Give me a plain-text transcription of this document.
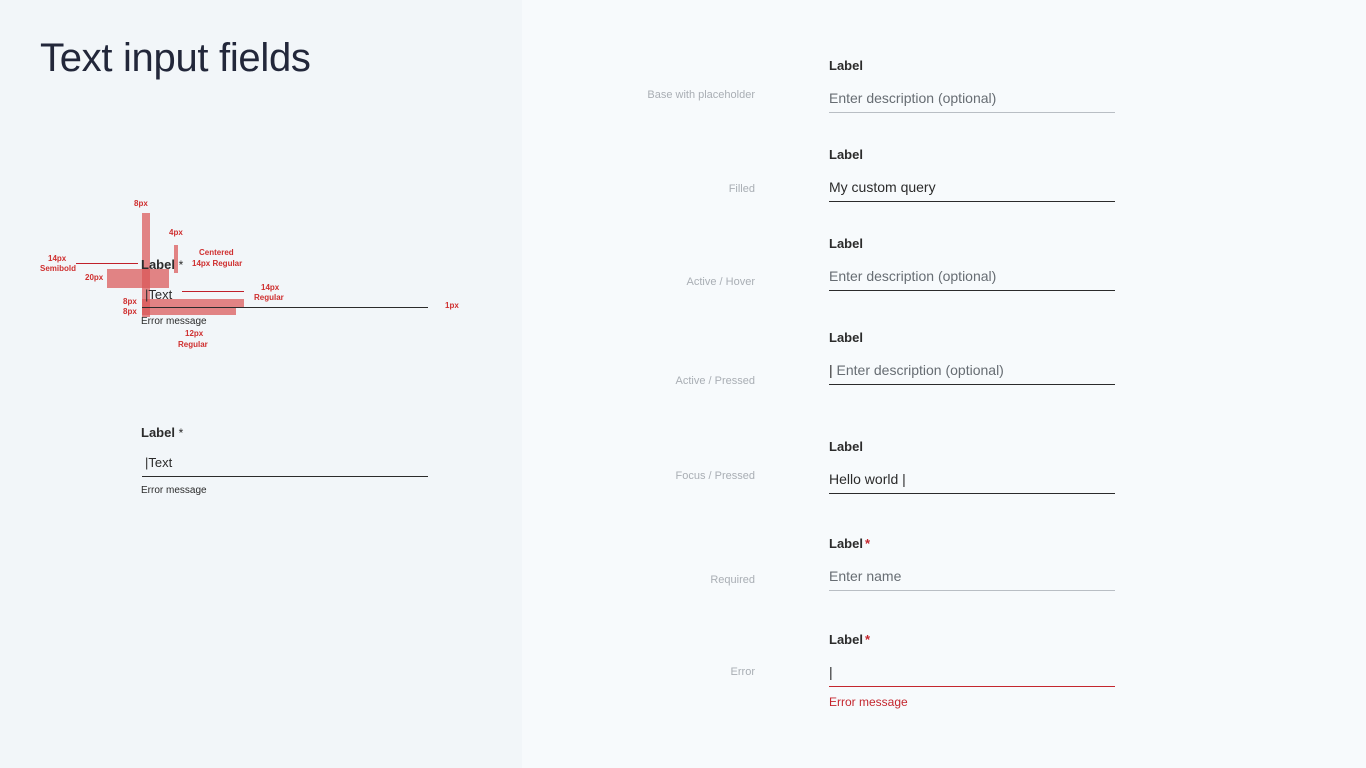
Text input fields
8px
4px
14px
Semibold
20px
Centered
14px Regular
14px
Regular
8px
8px
1px
12px
Regular
Label *
|Text
Error message
Label *
|Text
Error message
Base with placeholder
Label
Enter description (optional)
Filled
Label
My custom query
Active / Hover
Label
Enter description (optional)
Active / Pressed
Label
| Enter description (optional)
Focus / Pressed
Label
Hello world |
Required
Label *
Enter name
Error
Label *
|
Error message
